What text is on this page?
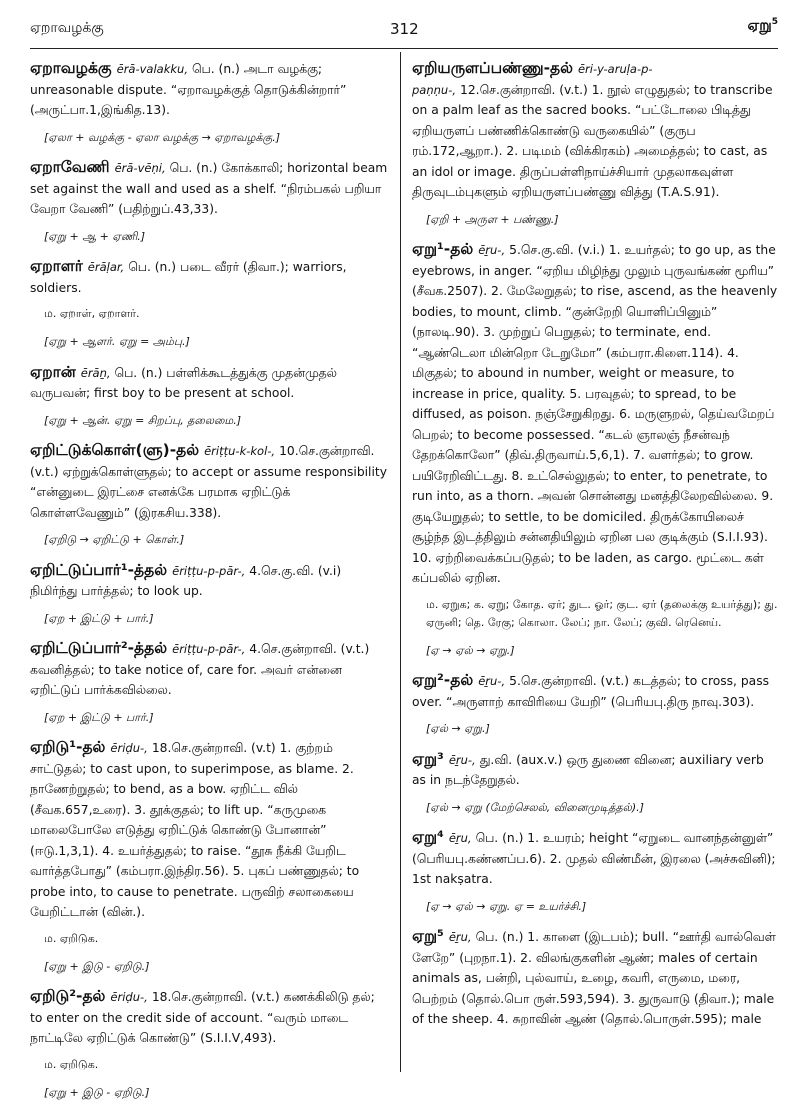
ஏறாவழக்கு	312	ஏறு$^5$
ஏறாவழக்கு ērā-valakku, பெ. (n.) அடா வழக்கு; unreasonable dispute. “ஏறாவழக்குத் தொடுக்கின்றார்” (அருட்பா.1,இங்கித.13).
[ஏலா + வழக்கு - ஏலா வழக்கு → ஏறாவழக்கு.]
ஏறாவேணி ērā-vēṇi, பெ. (n.) கோக்காலி; horizontal beam set against the wall and used as a shelf. “நிரம்பகல் பறியா வேறா வேணி” (பதிற்றுப்.43,33).
[ஏறு + ஆ + ஏணி.]
ஏறாளர் ērāḷar, பெ. (n.) படை வீரர் (திவா.); warriors, soldiers.
ம. ஏறாள், ஏறாளர்.
[ஏறு + ஆளர். ஏறு = அம்பு.]
ஏறான் ērāṉ, பெ. (n.) பள்ளிக்கூடத்துக்கு முதன்முதல் வருபவன்; first boy to be present at school.
[ஏறு + ஆன். ஏறு = சிறப்பு, தலைமை.]
ஏறிட்டுக்கொள்(ளு)-தல் ēriṭṭu-k-kol-, 10.செ.குன்றாவி. (v.t.) ஏற்றுக்கொள்ளுதல்; to accept or assume responsibility “என்னுடை இரட்சை எனக்கே பரமாக ஏறிட்டுக் கொள்ளவேணும்” (இரகசிய.338).
[ஏறிடு → ஏறிட்டு + கொள்.]
ஏறிட்டுப்பார்¹-த்தல் ēriṭṭu-p-pār-, 4.செ.கு.வி. (v.i) நிமிர்ந்து பார்த்தல்; to look up.
[ஏற + இட்டு + பார்.]
ஏறிட்டுப்பார்²-த்தல் ēriṭṭu-p-pār-, 4.செ.குன்றாவி. (v.t.) கவனித்தல்; to take notice of, care for. அவர் என்னை ஏறிட்டுப் பார்க்கவில்லை.
[ஏற + இட்டு + பார்.]
ஏறிடு¹-தல் ēriḍu-, 18.செ.குன்றாவி. (v.t) 1. குற்றம் சாட்டுதல்; to cast upon, to superimpose, as blame. 2. நாணேற்றுதல்; to bend, as a bow. ஏறிட்ட வில் (சீவக.657,உரை). 3. தூக்குதல்; to lift up. “கருமுகை மாலைபோலே எடுத்து ஏறிட்டுக் கொண்டு போனான்” (ஈடு.1,3,1). 4. உயர்த்துதல்; to raise. “தூசு நீக்கி யேறிட வார்த்தபோது” (கம்பரா.இந்திர.56). 5. புகப் பண்ணுதல்; to probe into, to cause to penetrate. பருவிற் சலாகையை யேறிட்டான் (வின்.).
ம. ஏறிடுக.
[ஏறு + இடு - ஏறிடு.]
ஏறிடு²-தல் ēriḍu-, 18.செ.குன்றாவி. (v.t.) கணக்கிலிடு தல்; to enter on the credit side of account. “வரும் மாடை நாட்டிலே ஏறிட்டுக் கொண்டு” (S.I.I.V,493).
ம. ஏறிடுக.
[ஏறு + இடு - ஏறிடு.]
ஏறியருளப்பண்ணு-தல் ēri-y-aruḷa-p-paṇṇu-, 12.செ.குன்றாவி. (v.t.) 1. நூல் எழுதுதல்; to transcribe on a palm leaf as the sacred books. “பட்டோலை பிடித்து ஏறியருளப் பண்ணிக்கொண்டு வருகையில்” (குருப ரம்.172,ஆறா.). 2. படிமம் (விக்கிரகம்) அமைத்தல்; to cast, as an idol or image. திருப்பள்ளிநாய்ச்சியார் முதலாகவுள்ள திருவுடம்புகளும் ஏறியருளப்பண்ணு வித்து (T.A.S.91).
[ஏறி + அருள + பண்ணு.]
ஏறு¹-தல் ēṟu-, 5.செ.கு.வி. (v.i.) 1. உயர்தல்; to go up, as the eyebrows, in anger. “ஏறிய மிழிந்து முலும் புருவங்கண் மூரிய” (சீவக.2507). 2. மேலேறுதல்; to rise, ascend, as the heavenly bodies, to mount, climb. “குன்றேறி யொளிப்பினும்” (நாலடி.90). 3. முற்றுப் பெறுதல்; to terminate, end. “ஆண்டெலா மின்றொ டேறுமோ” (கம்பரா.கிளை.114). 4. மிகுதல்; to abound in number, weight or measure, to increase in price, quality. 5. பரவுதல்; to spread, to be diffused, as poison. நஞ்சேறுகிறது. 6. மருளுறல், தெய்வமேறப் பெறல்; to become possessed. “கடல் ஞாலஞ் நீசன்வந் தேறக்கொலோ” (திவ்.திருவாய்.5,6,1). 7. வளர்தல்; to grow. பயிரேறிவிட்டது. 8. உட்செல்லுதல்; to enter, to penetrate, to run into, as a thorn. அவன் சொன்னது மனத்திலேறவில்லை. 9. குடியேறுதல்; to settle, to be domiciled. திருக்கோயிலைச் சூழ்ந்த இடத்திலும் சன்னதியிலும் ஏறின பல குடிக்கும் (S.I.I.93). 10. ஏற்றிவைக்கப்படுதல்; to be laden, as cargo. மூட்டை கள் கப்பலில் ஏறின.
ம. ஏறுக; க. ஏறு; கோத. ஏர்; துட. ஓர்; குட. ஏர் (தலைக்கு உயர்த்து); து. ஏருனி; தெ. ரேகு; கொலா. லேப்; நா. லேப்; குவி. ரெனெய்.
[ஏ → ஏல் → ஏறு.]
ஏறு²-தல் ēṟu-, 5.செ.குன்றாவி. (v.t.) கடத்தல்; to cross, pass over. “அருளாற் காவிரியை யேறி” (பெரியபு.திரு நாவு.303).
[ஏல் → ஏறு.]
ஏறு³ ēṟu-, து.வி. (aux.v.) ஒரு துணை வினை; auxiliary verb as in நடந்தேறுதல்.
[ஏல் → ஏறு (மேற்செலல், வினைமுடித்தல்).]
ஏறு⁴ ēṟu, பெ. (n.) 1. உயரம்; height “ஏறுடை வானந்தன்னுள்” (பெரியபு.கண்ணப்ப.6). 2. முதல் விண்மீன், இரலை (அச்சுவினி); 1st nakṣatra.
[ஏ → ஏல் → ஏறு. ஏ = உயர்ச்சி.]
ஏறு⁵ ēṟu, பெ. (n.) 1. காளை (இடபம்); bull. “ஊர்தி வால்வெள் ளேறே” (புறநா.1). 2. விலங்குகளின் ஆண்; males of certain animals as, பன்றி, புல்வாய், உழை, கவரி, எருமை, மரை, பெற்றம் (தொல்.பொ ருள்.593,594). 3. துருவாடு (திவா.); male of the sheep. 4. சுறாவின் ஆண் (தொல்.பொருள்.595); male
